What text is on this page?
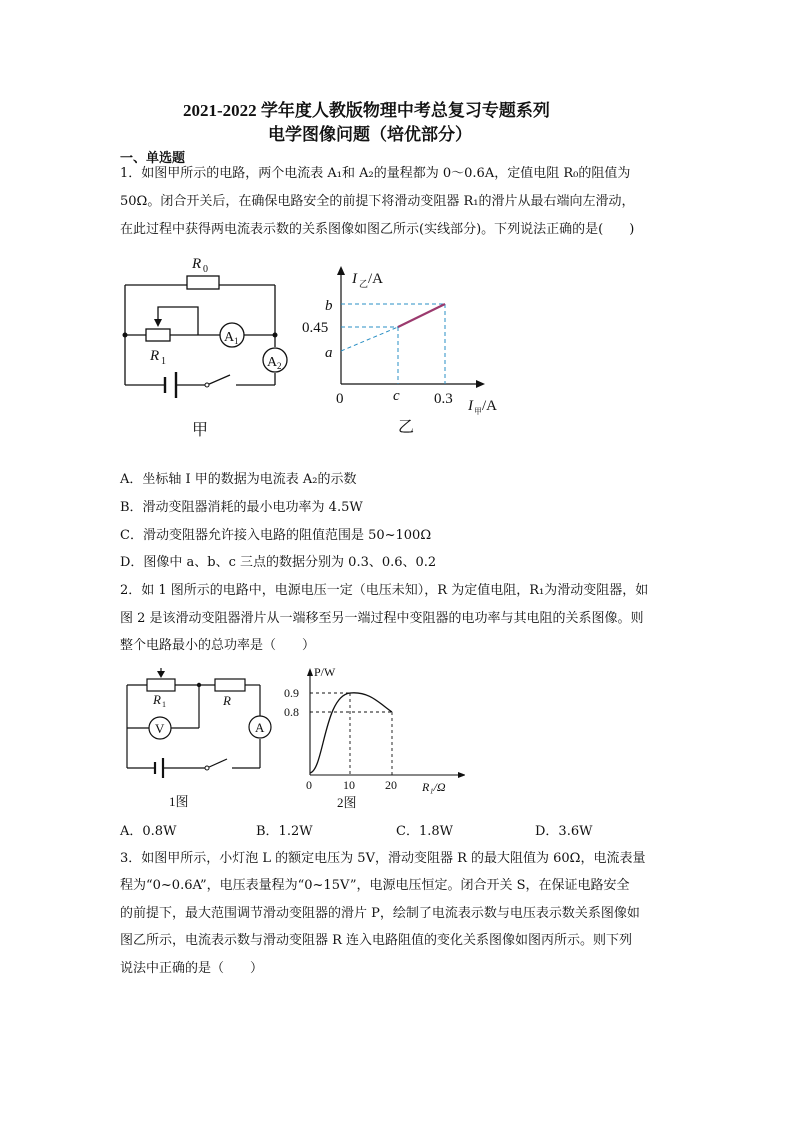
2021-2022 学年度人教版物理中考总复习专题系列
电学图像问题（培优部分）
一、单选题
1．如图甲所示的电路，两个电流表 A₁和 A₂的量程都为 0～0.6A，定值电阻 R₀的阻值为
50Ω。闭合开关后，在确保电路安全的前提下将滑动变阻器 R₁的滑片从最右端向左滑动，
在此过程中获得两电流表示数的关系图像如图乙所示(实线部分)。下列说法正确的是(　　)
R 0
R 1
A 1
A 2
甲
I 乙 /A
b
0.45
a
0	c 0.3 I 甲 /A
乙
A．坐标轴 I 甲的数据为电流表 A₂的示数
B．滑动变阻器消耗的最小电功率为 4.5W
C．滑动变阻器允许接入电路的阻值范围是 50~100Ω
D．图像中 a、b、c 三点的数据分别为 0.3、0.6、0.2
2．如 1 图所示的电路中，电源电压一定（电压未知），R 为定值电阻，R₁为滑动变阻器，如
图 2 是该滑动变阻器滑片从一端移至另一端过程中变阻器的电功率与其电阻的关系图像。则
整个电路最小的总功率是（　　）
R 1	R
V	A
1图
P/W
0.9
0.8
0	10	20 R₁/Ω
2图
A．0.8W	B．1.2W	C．1.8W	D．3.6W
3．如图甲所示，小灯泡 L 的额定电压为 5V，滑动变阻器 R 的最大阻值为 60Ω，电流表量
程为“0~0.6A”，电压表量程为“0~15V”，电源电压恒定。闭合开关 S，在保证电路安全
的前提下，最大范围调节滑动变阻器的滑片 P，绘制了电流表示数与电压表示数关系图像如
图乙所示，电流表示数与滑动变阻器 R 连入电路阻值的变化关系图像如图丙所示。则下列
说法中正确的是（　　）
